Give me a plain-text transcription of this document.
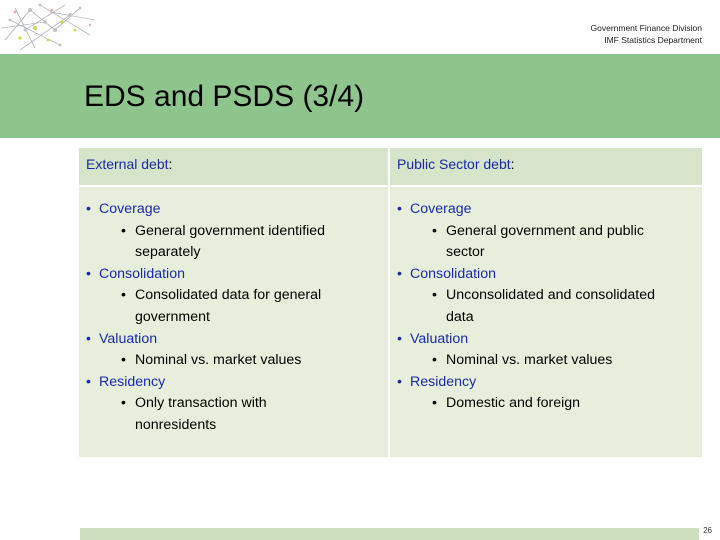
Government Finance Division
IMF Statistics Department
EDS and PSDS (3/4)
External debt:
• Coverage
• General government identified separately
• Consolidation
• Consolidated data for general government
• Valuation
• Nominal vs. market values
• Residency
• Only transaction with nonresidents
Public Sector debt:
• Coverage
• General government and public sector
• Consolidation
• Unconsolidated and consolidated data
• Valuation
• Nominal vs. market values
• Residency
• Domestic and foreign
26
